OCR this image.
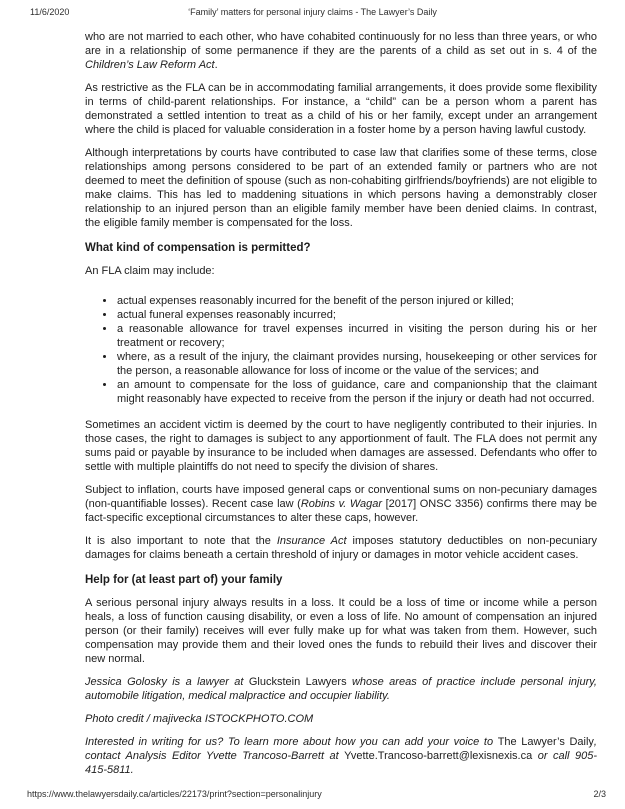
11/6/2020	‘Family’ matters for personal injury claims - The Lawyer’s Daily

who are not married to each other, who have cohabited continuously for no less than three years, or who are in a relationship of some permanence if they are the parents of a child as set out in s. 4 of the Children’s Law Reform Act.

As restrictive as the FLA can be in accommodating familial arrangements, it does provide some flexibility in terms of child-parent relationships. For instance, a “child” can be a person whom a parent has demonstrated a settled intention to treat as a child of his or her family, except under an arrangement where the child is placed for valuable consideration in a foster home by a person having lawful custody.

Although interpretations by courts have contributed to case law that clarifies some of these terms, close relationships among persons considered to be part of an extended family or partners who are not deemed to meet the definition of spouse (such as non-cohabiting girlfriends/boyfriends) are not eligible to make claims. This has led to maddening situations in which persons having a demonstrably closer relationship to an injured person than an eligible family member have been denied claims. In contrast, the eligible family member is compensated for the loss.

What kind of compensation is permitted?

An FLA claim may include:

• actual expenses reasonably incurred for the benefit of the person injured or killed;
• actual funeral expenses reasonably incurred;
• a reasonable allowance for travel expenses incurred in visiting the person during his or her treatment or recovery;
• where, as a result of the injury, the claimant provides nursing, housekeeping or other services for the person, a reasonable allowance for loss of income or the value of the services; and
• an amount to compensate for the loss of guidance, care and companionship that the claimant might reasonably have expected to receive from the person if the injury or death had not occurred.

Sometimes an accident victim is deemed by the court to have negligently contributed to their injuries. In those cases, the right to damages is subject to any apportionment of fault. The FLA does not permit any sums paid or payable by insurance to be included when damages are assessed. Defendants who offer to settle with multiple plaintiffs do not need to specify the division of shares.

Subject to inflation, courts have imposed general caps or conventional sums on non-pecuniary damages (non-quantifiable losses). Recent case law (Robins v. Wagar [2017] ONSC 3356) confirms there may be fact-specific exceptional circumstances to alter these caps, however.

It is also important to note that the Insurance Act imposes statutory deductibles on non-pecuniary damages for claims beneath a certain threshold of injury or damages in motor vehicle accident cases.

Help for (at least part of) your family

A serious personal injury always results in a loss. It could be a loss of time or income while a person heals, a loss of function causing disability, or even a loss of life. No amount of compensation an injured person (or their family) receives will ever fully make up for what was taken from them. However, such compensation may provide them and their loved ones the funds to rebuild their lives and discover their new normal.

Jessica Golosky is a lawyer at Gluckstein Lawyers whose areas of practice include personal injury, automobile litigation, medical malpractice and occupier liability.

Photo credit / majivecka ISTOCKPHOTO.COM

Interested in writing for us? To learn more about how you can add your voice to The Lawyer’s Daily, contact Analysis Editor Yvette Trancoso-Barrett at Yvette.Trancoso-barrett@lexisnexis.ca or call 905-415-5811.

https://www.thelawyersdaily.ca/articles/22173/print?section=personalinjury	2/3
